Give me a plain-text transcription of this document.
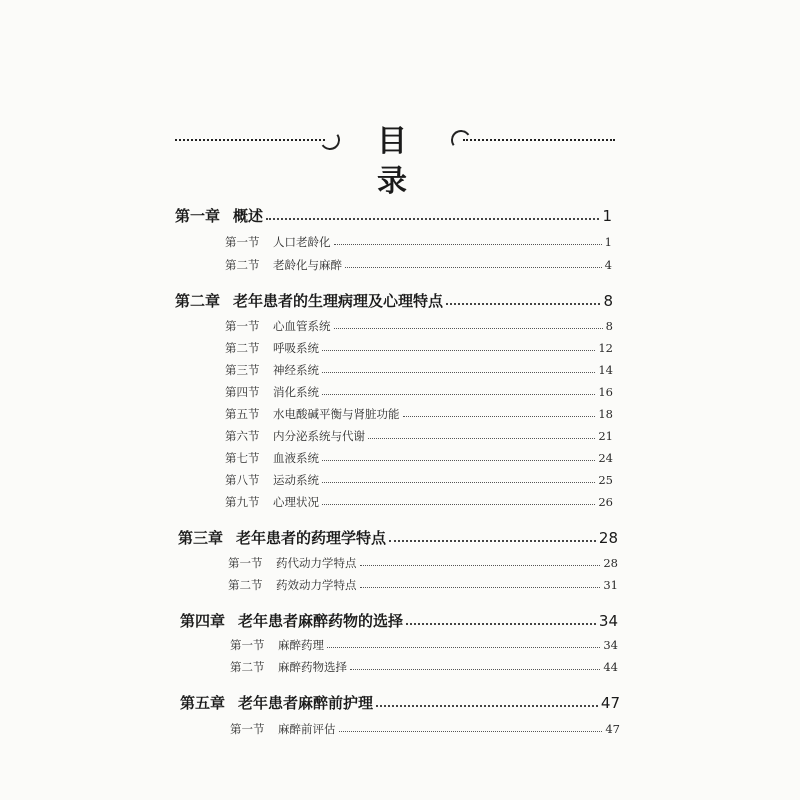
目 录
第一章 概述	1
第一节	人口老龄化	1
第二节	老龄化与麻醉	4
第二章 老年患者的生理病理及心理特点	8
第一节	心血管系统	8
第二节	呼吸系统	12
第三节	神经系统	14
第四节	消化系统	16
第五节	水电酸碱平衡与肾脏功能	18
第六节	内分泌系统与代谢	21
第七节	血液系统	24
第八节	运动系统	25
第九节	心理状况	26
第三章 老年患者的药理学特点	28
第一节	药代动力学特点	28
第二节	药效动力学特点	31
第四章 老年患者麻醉药物的选择	34
第一节	麻醉药理	34
第二节	麻醉药物选择	44
第五章 老年患者麻醉前护理	47
第一节	麻醉前评估	47
